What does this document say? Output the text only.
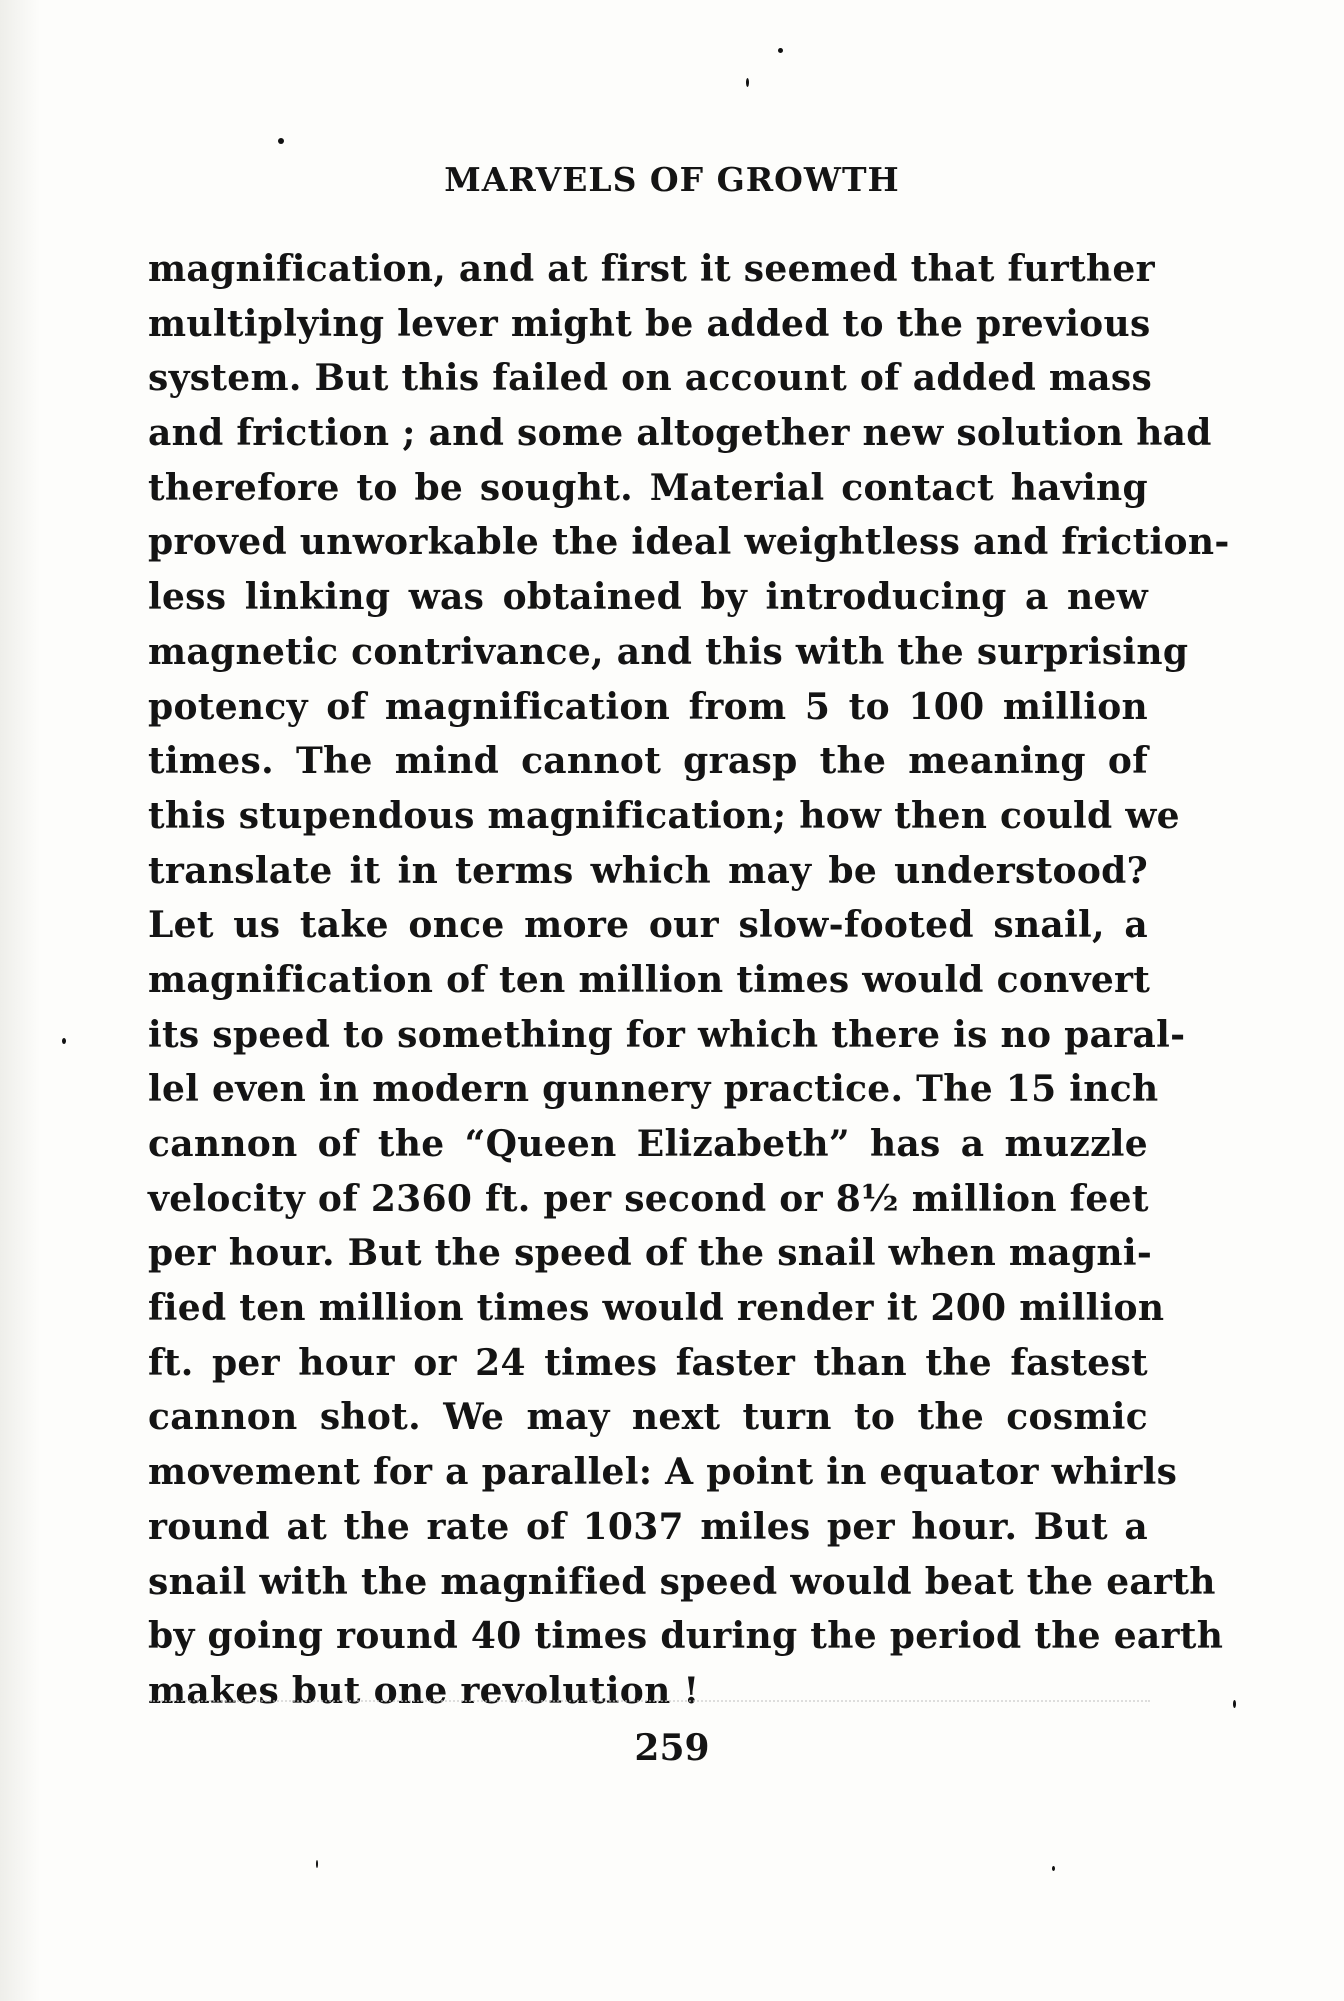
MARVELS OF GROWTH
magnification, and at first it seemed that further
multiplying lever might be added to the previous
system. But this failed on account of added mass
and friction ; and some altogether new solution had
therefore to be sought. Material contact having
proved unworkable the ideal weightless and friction-
less linking was obtained by introducing a new
magnetic contrivance, and this with the surprising
potency of magnification from 5 to 100 million
times. The mind cannot grasp the meaning of
this stupendous magnification; how then could we
translate it in terms which may be understood?
Let us take once more our slow-footed snail, a
magnification of ten million times would convert
its speed to something for which there is no paral-
lel even in modern gunnery practice. The 15 inch
cannon of the “Queen Elizabeth” has a muzzle
velocity of 2360 ft. per second or 8½ million feet
per hour. But the speed of the snail when magni-
fied ten million times would render it 200 million
ft. per hour or 24 times faster than the fastest
cannon shot. We may next turn to the cosmic
movement for a parallel: A point in equator whirls
round at the rate of 1037 miles per hour. But a
snail with the magnified speed would beat the earth
by going round 40 times during the period the earth
makes but one revolution !
259
